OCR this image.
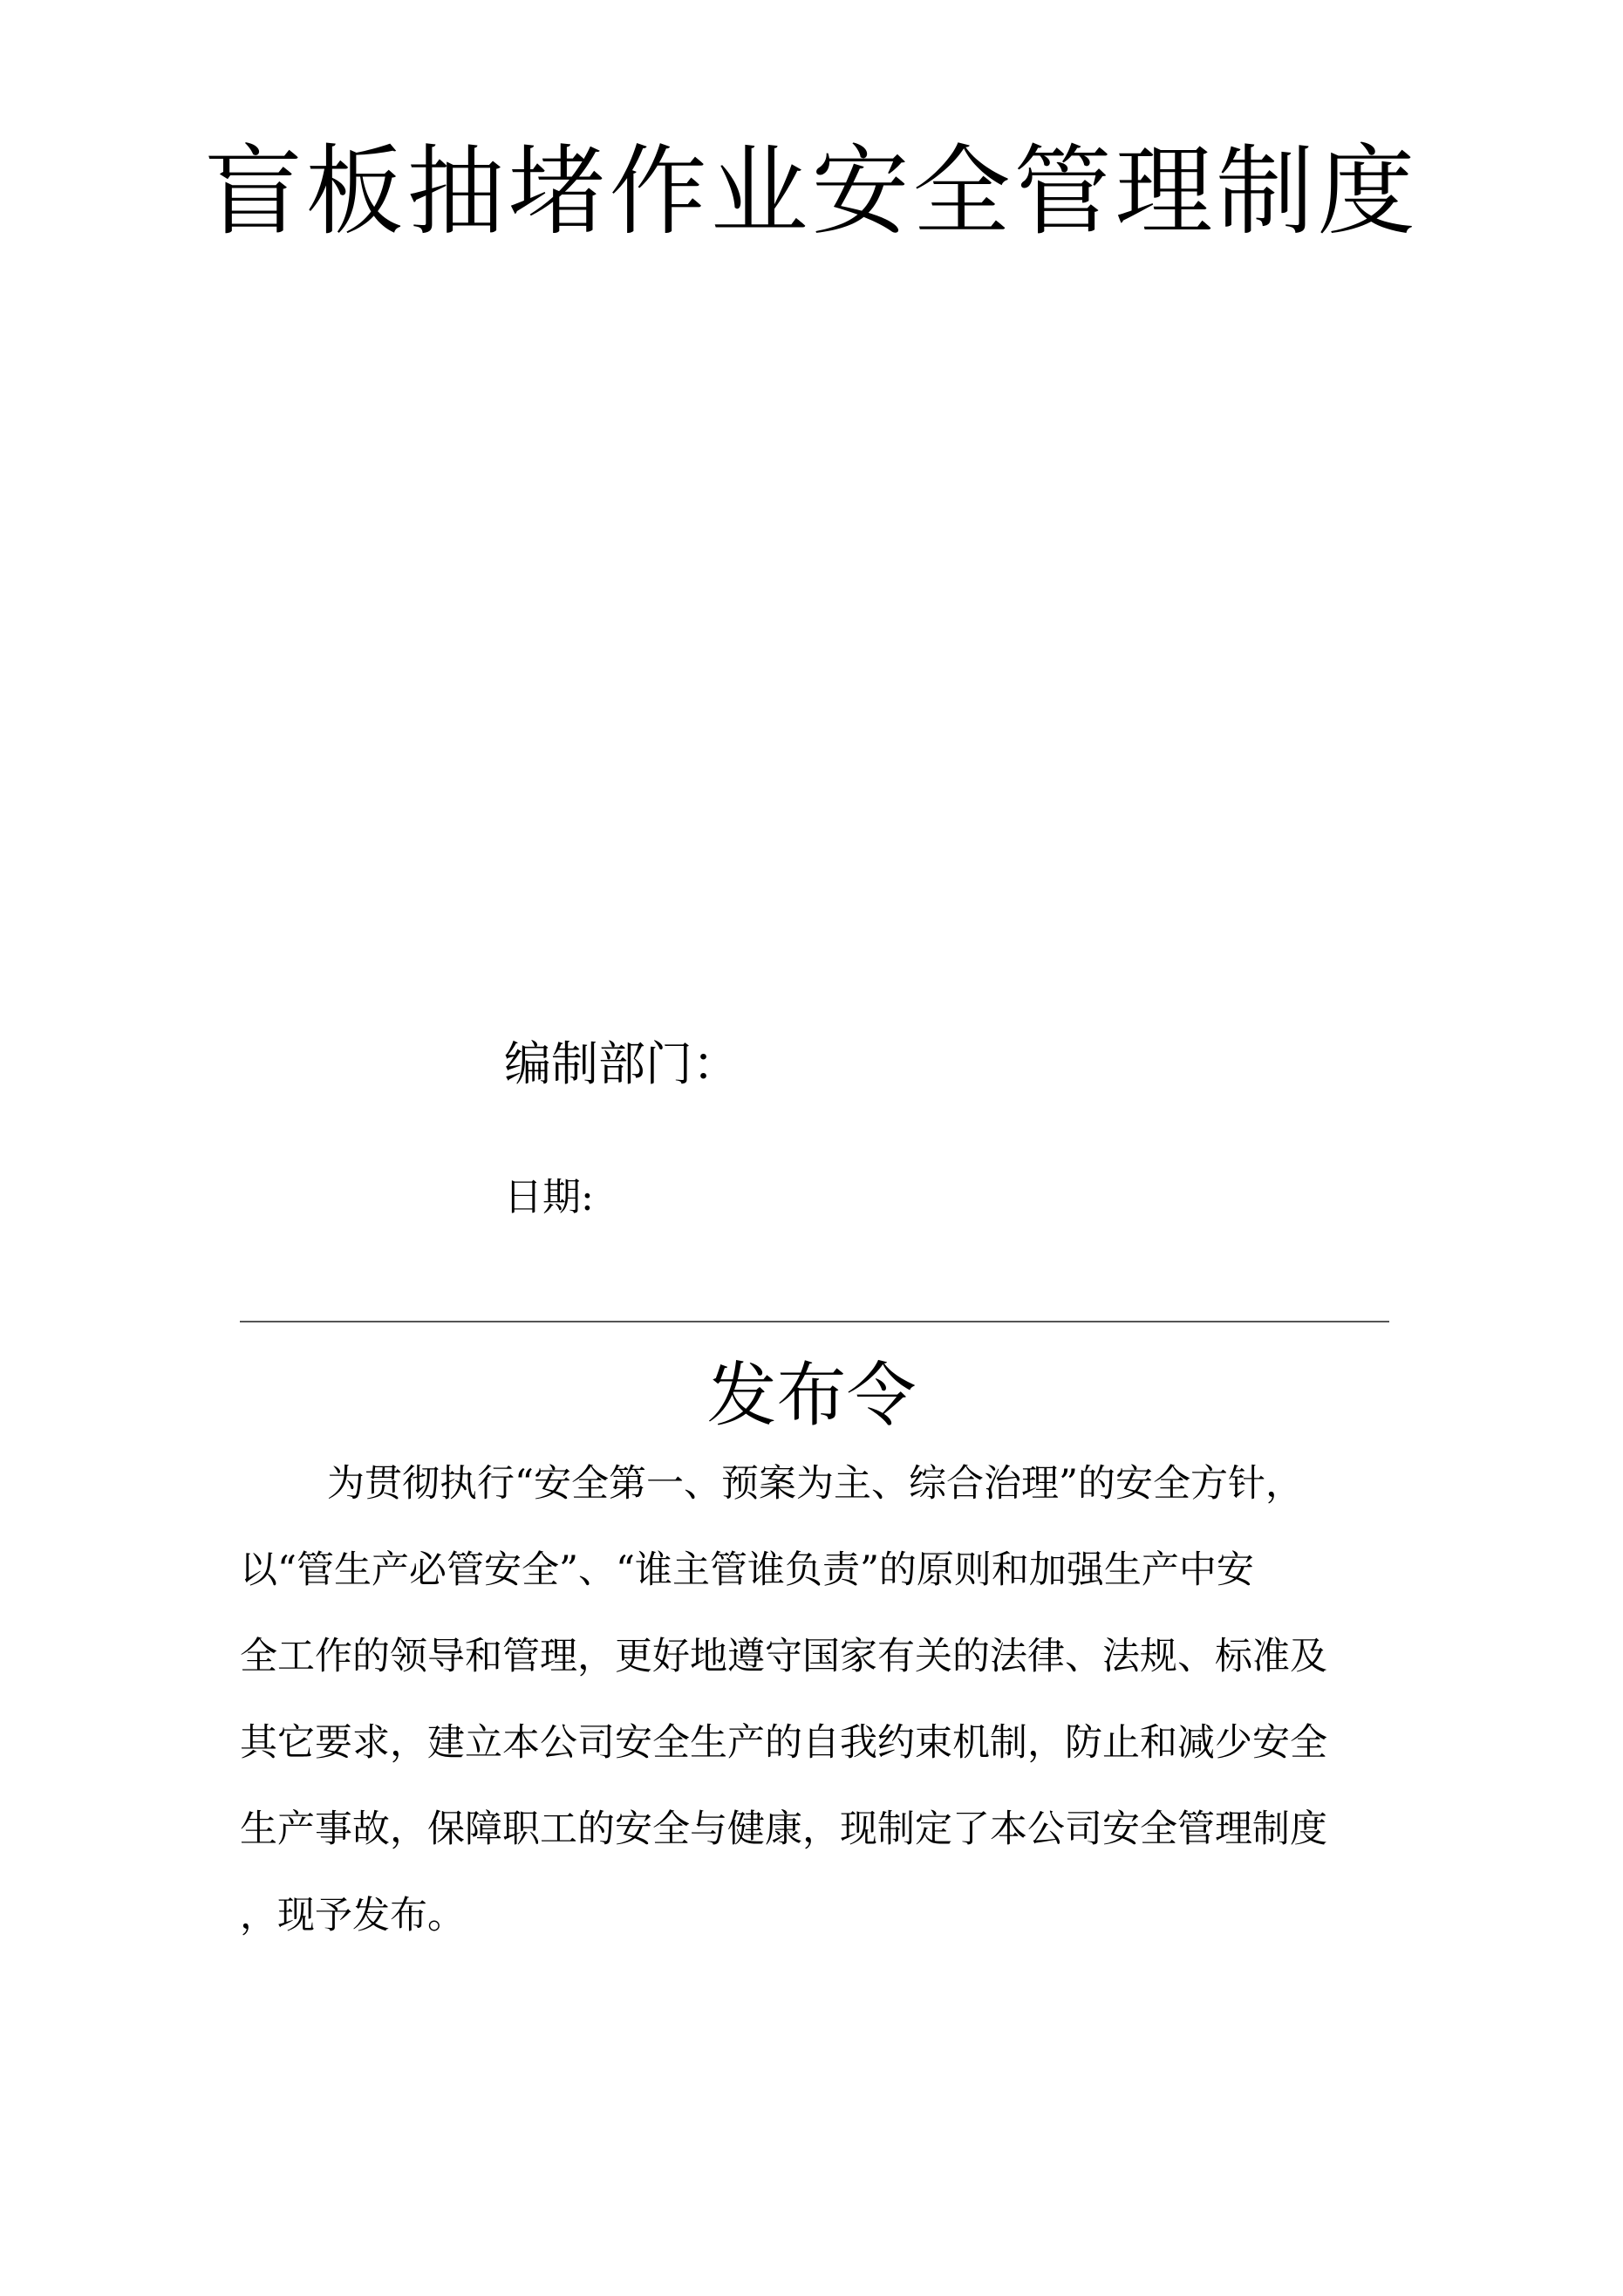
盲板抽堵作业安全管理制度
编制部门：
日期:
发布令
为贯彻执行“安全第一、预案为主、综合治理”的安全方针，
以“管生产必管安全”、“谁主管谁负责”的原则和加强生产中安
全工作的领导和管理，更好地遵守国家有关的法律、法规、标准及
其它要求，建立本公司安全生产的自我约束机制，防止和减少安全
生产事故，保障职工的安全与健康，现制定了本公司安全管理制度
，现予发布。
